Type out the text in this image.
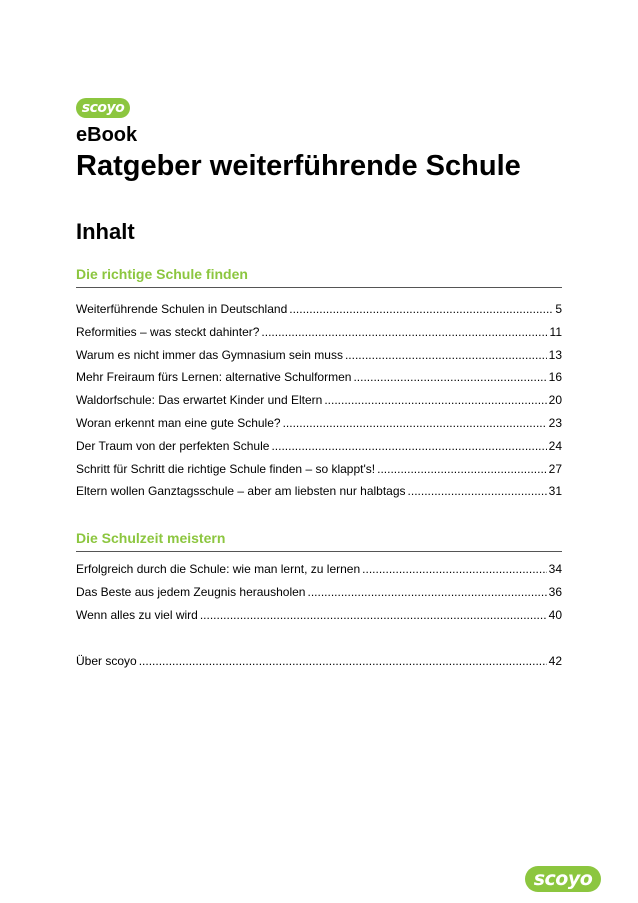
scoyo
eBook
Ratgeber weiterführende Schule
Inhalt
Die richtige Schule finden
Weiterführende Schulen in Deutschland .....	5
Reformities – was steckt dahinter? .....	11
Warum es nicht immer das Gymnasium sein muss .....	13
Mehr Freiraum fürs Lernen: alternative Schulformen .....	16
Waldorfschule: Das erwartet Kinder und Eltern .....	20
Woran erkennt man eine gute Schule? .....	23
Der Traum von der perfekten Schule .....	24
Schritt für Schritt die richtige Schule finden – so klappt's! .....	27
Eltern wollen Ganztagsschule – aber am liebsten nur halbtags .....	31
Die Schulzeit meistern
Erfolgreich durch die Schule: wie man lernt, zu lernen .....	34
Das Beste aus jedem Zeugnis herausholen .....	36
Wenn alles zu viel wird .....	40
Über scoyo .....	42
scoyo
